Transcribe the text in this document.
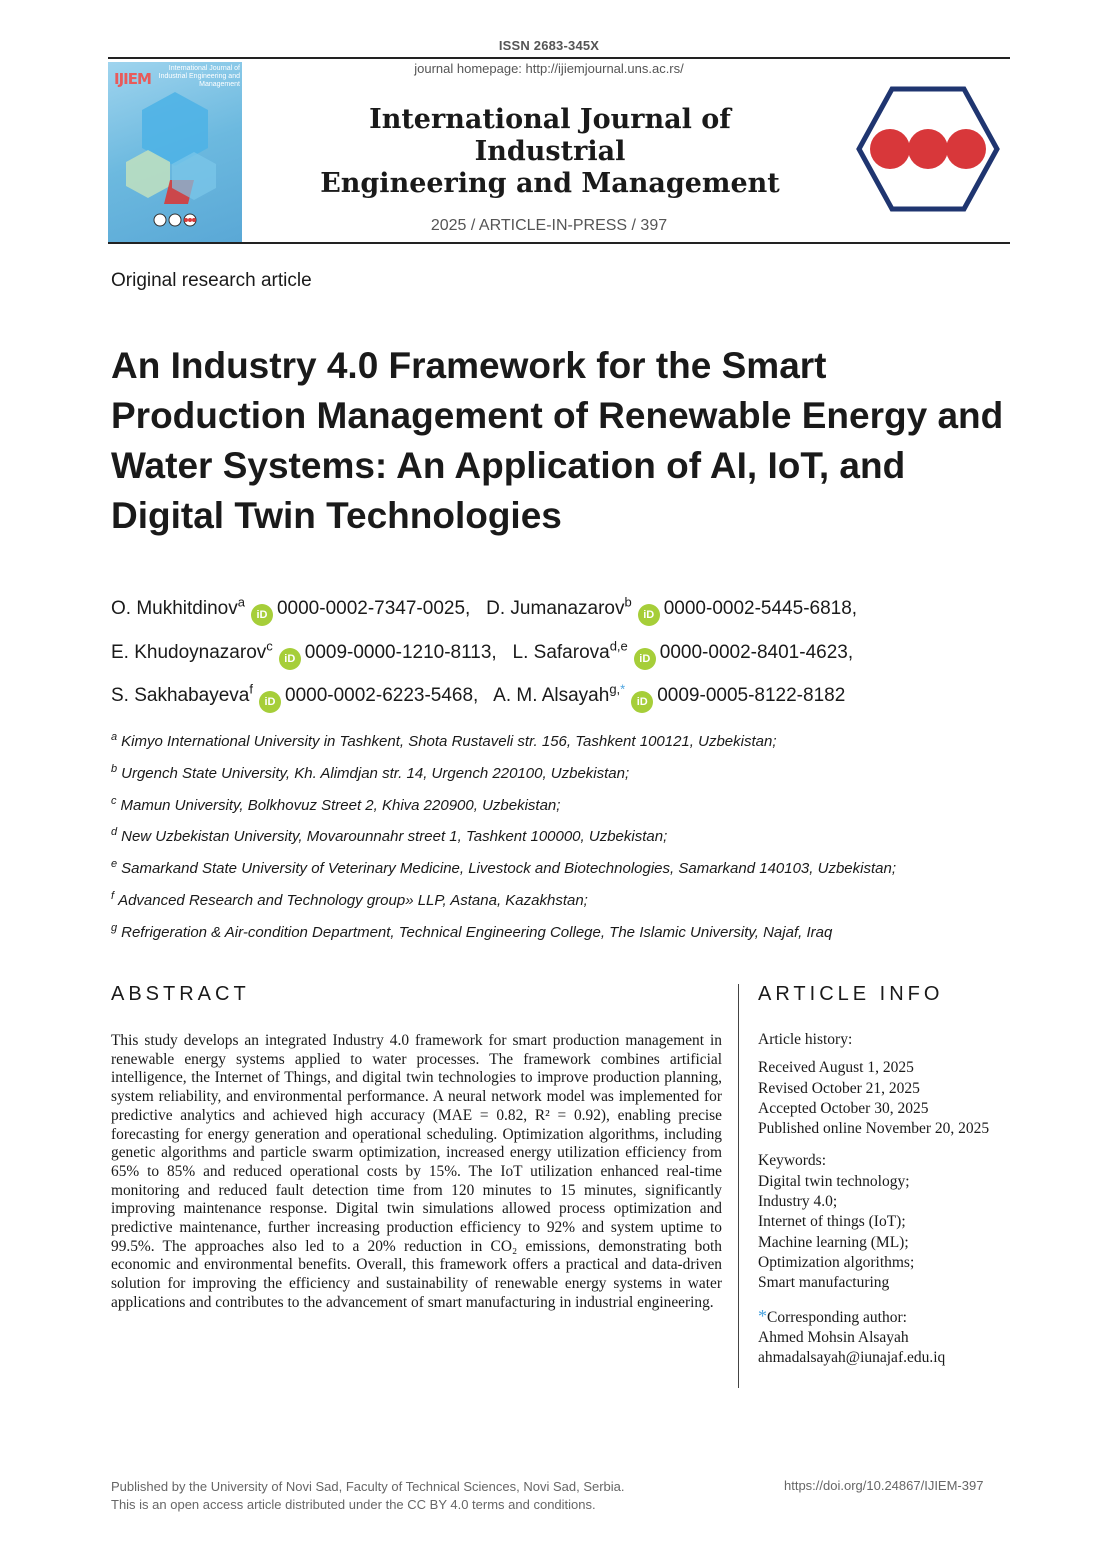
ISSN 2683-345X
journal homepage: http://ijiemjournal.uns.ac.rs/
IJIEM
International Journal of Industrial Engineering and Management
International Journal of Industrial
Engineering and Management
2025 / ARTICLE-IN-PRESS / 397
Original research article
An Industry 4.0 Framework for the Smart Production Management of Renewable Energy and Water Systems: An Application of AI, IoT, and Digital Twin Technologies
O. Mukhitdinov$^a$iD 0000-0002-7347-0025, D. Jumanazarov$^b$iD 0000-0002-5445-6818,
E. Khudoynazarov$^c$iD 0009-0000-1210-8113, L. Safarova$^{d,e}$iD 0000-0002-8401-4623,
S. Sakhabayeva$^f$iD 0000-0002-6223-5468, A. M. Alsayah$^{g,*}$iD 0009-0005-8122-8182
$^a$ Kimyo International University in Tashkent, Shota Rustaveli str. 156, Tashkent 100121, Uzbekistan;
$^b$ Urgench State University, Kh. Alimdjan str. 14, Urgench 220100, Uzbekistan;
$^c$ Mamun University, Bolkhovuz Street 2, Khiva 220900, Uzbekistan;
$^d$ New Uzbekistan University, Movarounnahr street 1, Tashkent 100000, Uzbekistan;
$^e$ Samarkand State University of Veterinary Medicine, Livestock and Biotechnologies, Samarkand 140103, Uzbekistan;
$^f$ Advanced Research and Technology group» LLP, Astana, Kazakhstan;
$^g$ Refrigeration & Air-condition Department, Technical Engineering College, The Islamic University, Najaf, Iraq
ABSTRACT
This study develops an integrated Industry 4.0 framework for smart production management in renewable energy systems applied to water processes. The framework combines artificial intelligence, the Internet of Things, and digital twin technologies to improve production planning, system reliability, and environmental performance. A neural network model was implemented for predictive analytics and achieved high accuracy (MAE = 0.82, R² = 0.92), enabling precise forecasting for energy generation and operational scheduling. Optimization algorithms, including genetic algorithms and particle swarm optimization, increased energy utilization efficiency from 65% to 85% and reduced operational costs by 15%. The IoT utilization enhanced real-time monitoring and reduced fault detection time from 120 minutes to 15 minutes, significantly improving maintenance response. Digital twin simulations allowed process optimization and predictive maintenance, further increasing production efficiency to 92% and system uptime to 99.5%. The approaches also led to a 20% reduction in CO₂ emissions, demonstrating both economic and environmental benefits. Overall, this framework offers a practical and data-driven solution for improving the efficiency and sustainability of renewable energy systems in water applications and contributes to the advancement of smart manufacturing in industrial engineering.
ARTICLE INFO
Article history:
Received August 1, 2025
Revised October 21, 2025
Accepted October 30, 2025
Published online November 20, 2025
Keywords:
Digital twin technology;
Industry 4.0;
Internet of things (IoT);
Machine learning (ML);
Optimization algorithms;
Smart manufacturing
*Corresponding author:
Ahmed Mohsin Alsayah
ahmadalsayah@iunajaf.edu.iq
Published by the University of Novi Sad, Faculty of Technical Sciences, Novi Sad, Serbia.
This is an open access article distributed under the CC BY 4.0 terms and conditions.
https://doi.org/10.24867/IJIEM-397
